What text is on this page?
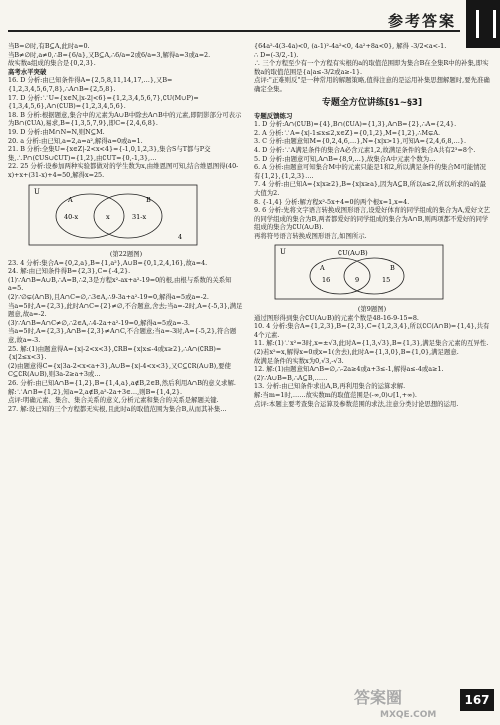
参考答案

当B=∅时,有B⊆A,此时a=0.

当B≠∅时,a≠0,∴B={6/a},又B⊆A,∴6/a=2或6/a=3,解得a=3或a=2.

故实数a组成的集合是{0,2,3}.

高考水平突破

16. D 分析:由已知条件得A={2,5,8,11,14,17,…},又B={1,2,3,4,5,6,7,8},∴A∩B={2,5,8}.

17. D 分析:∵U={x∈N,|x-2|<6}={1,2,3,4,5,6,7},∁U(M∪P)={1,3,4,5,6},A∩(∁UB)={1,2,3,4,5,6}.

18. B 分析:根据题意,集合中的元素为A∪B中除去A∩B中的元素,即阴影部分可表示为B∩(∁UA),易求,B={1,3,5,7,9},即C={2,4,6,8}.

19. D 分析:由M∩N=N,则N⊆M.

20. a 分析:由已知,a=2,a=a²,解得a=0或a=1.

21. B 分析:全集U={x∈Z|-2<x<4}={-1,0,1,2,3},集合S与T都与P交集,∴P∩(∁US∪∁UT)={1,2},由∁UT={0,-1,3},…

22. 25 分析:设参加两种实验都做对的学生数为x,由维恩图可知,结合维恩图得(40-x)+x+(31-x)+4=50,解得x=25.

U
A	B
40-x	x	31-x
4

(第22题图)

23. 4 分析:集合A={0,2,a},B={1,a²},A∪B={0,1,2,4,16},故a=4.

24. 解:由已知条件得B={2,3},C={-4,2}.

(1)∵A∩B=A∪B,∴A=B,∴2,3是方程x²-ax+a²-19=0的根,由根与系数的关系知a=5.

(2)∵∅⊊(A∩B),且A∩C=∅,∴3∈A,∴9-3a+a²-19=0,解得a=5或a=-2.

当a=5时,A={2,3},此时A∩C={2}≠∅,不合题意,舍去;当a=-2时,A={-5,3},满足题意,故a=-2.

(3)∵A∩B=A∩C≠∅,∴2∈A,∴4-2a+a²-19=0,解得a=5或a=-3.

当a=5时,A={2,3},A∩B={2,3}≠A∩C,不合题意;当a=-3时,A={-5,2},符合题意,故a=-3.

25. 解:(1)由题意得A={x|-2<x<3},∁RB={x|x≤-4或x≥2},∴A∩(∁RB)={x|2≤x<3}.

(2)由题意得C={x|3a-2<x<a+3},A∪B={x|-4<x<3},又C⊆∁R(A∪B),要使C⊆∁R(A∪B),则3a-2≥a+3或…

26. 分析:由已知A∩B={1,2},B={1,4,a},a∉B,2∈B,然后利用A∩B的意义求解.

解:∵A∩B={1,2},知a=2,a∉B,a²-2a+3∈…,则B={1,4,2}.

点评:明确元素、集合、集合关系的意义,分析元素和集合的关系是解题关键.

27. 解:设已知的三个方程都无实根,且此时a的取值范围为集合B,从而其补集…

{64a²-4(3-4a)<0, (a-1)²-4a²<0, 4a²+8a<0}, 解得 -3/2<a<-1.

∴ D=(-3/2,-1).

∴ 三个方程至少有一个方程有实根的a的取值范围即为集合B在全集R中的补集,即实数a的取值范围是{a|a≤-3/2或a≥-1}.

点评:"正难则反"是一种常用的解题策略,值得注意的是运用补集思想解题时,要先准确确定全集。

专题全方位讲练[§1~§3]

专题反馈练习

1. D 分析:A∩(∁UB)={4},B∩(∁UA)={1,3},A∩B={2},∴A={2,4}.

2. A 分析:∵A={x|-1≤x≤2,x∈Z}={0,1,2},M={1,2},∴M⊊A.

3. C 分析:由题意知M={0,2,4,6,…},N={x|x>1},可知A={2,4,6,8,…}.

4. D 分析:∵A满足条件的集合A必含元素1,2,故满足条件的集合A共有2³=8个.

5. D 分析:由题意可知,A∩B={8,9,…},故集合A中元素个数为…

6. A 分析:由题意可知集合M中的元素只能是1和2,所以满足条件的集合M可能情况有{1,2},{1,2,3}….

7. 4 分析:由已知A={x|x≥2},B={x|x≥a},因为A⊆B,所以a≤2,所以所求的a的最大值为2.

8. {-1,4} 分析:解方程x²-5x+4=0的两个根x=1,x=4.

9. 6 分析:先将文字语言转换成图形语言,设爱好体育的同学组成的集合为A,爱好文艺的同学组成的集合为B,两者都爱好的同学组成的集合为A∩B,则两项都不爱好的同学组成的集合为∁U(A∪B).

再将符号语言转换成图形语言,如图所示.

U	∁U(A∪B)
A	B
16	9	15

(第9题图)

通过图形得到集合∁U(A∪B)的元素个数是48-16-9-15=8.

10. 4 分析:集合A={1,2,3},B={2,3},C={1,2,3,4},所以∁C(A∩B)={1,4},共有4个元素.

11. 解:(1)∵x²=3时,x=±√3,此时A={1,3,√3},B={1,3},满足集合元素的互异性.

(2)若x²=x,解得x=0或x=1(舍去),此时A={1,3,0},B={1,0},满足题意.

故满足条件的实数x为0,√3,-√3.

12. 解:(1)由题意知A∩B=∅,∴-2a≥4或a+3≤-1,解得a≤-4或a≥1.

(2)∵A∪B=B,∴A⊆B,……

13. 分析:由已知条件求出A,B,再利用集合的运算求解.

解:当m=1时,……故实数m的取值范围是(-∞,0)∪[1,+∞).

点评:本题主要考查集合运算及参数范围的求法,注意分类讨论思想的运用.

答案圈
MXQE.COM
167
